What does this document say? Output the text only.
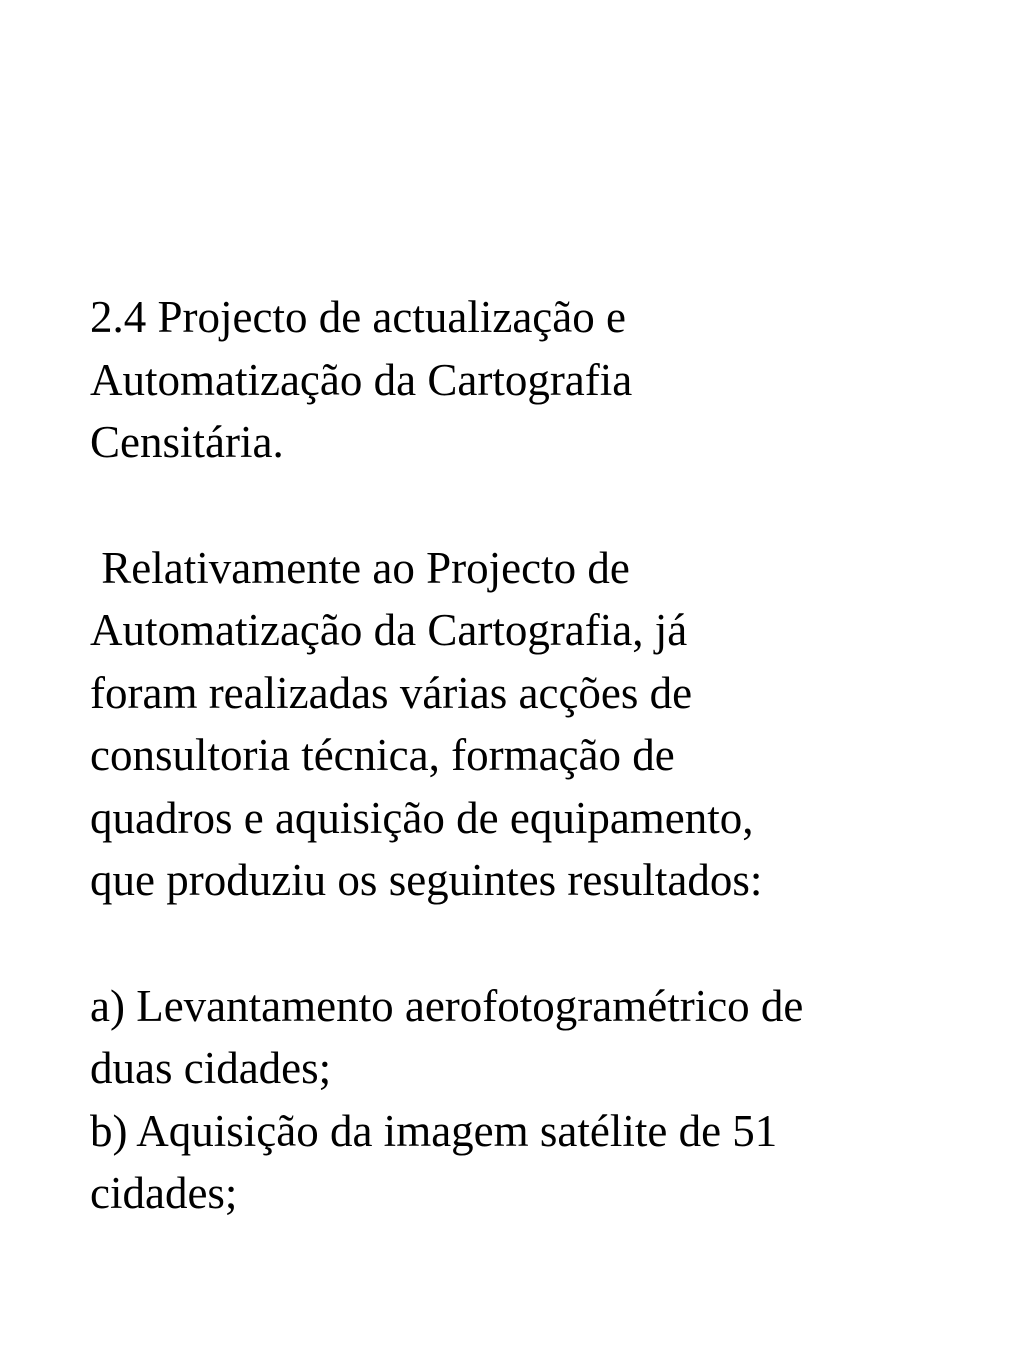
2.4 Projecto de actualização e
Automatização da Cartografia
Censitária.
Relativamente ao Projecto de
Automatização da Cartografia, já
foram realizadas várias acções de
consultoria técnica, formação de
quadros e aquisição de equipamento,
que produziu os seguintes resultados:
a) Levantamento aerofotogramétrico de
duas cidades;
b) Aquisição da imagem satélite de 51
cidades;
